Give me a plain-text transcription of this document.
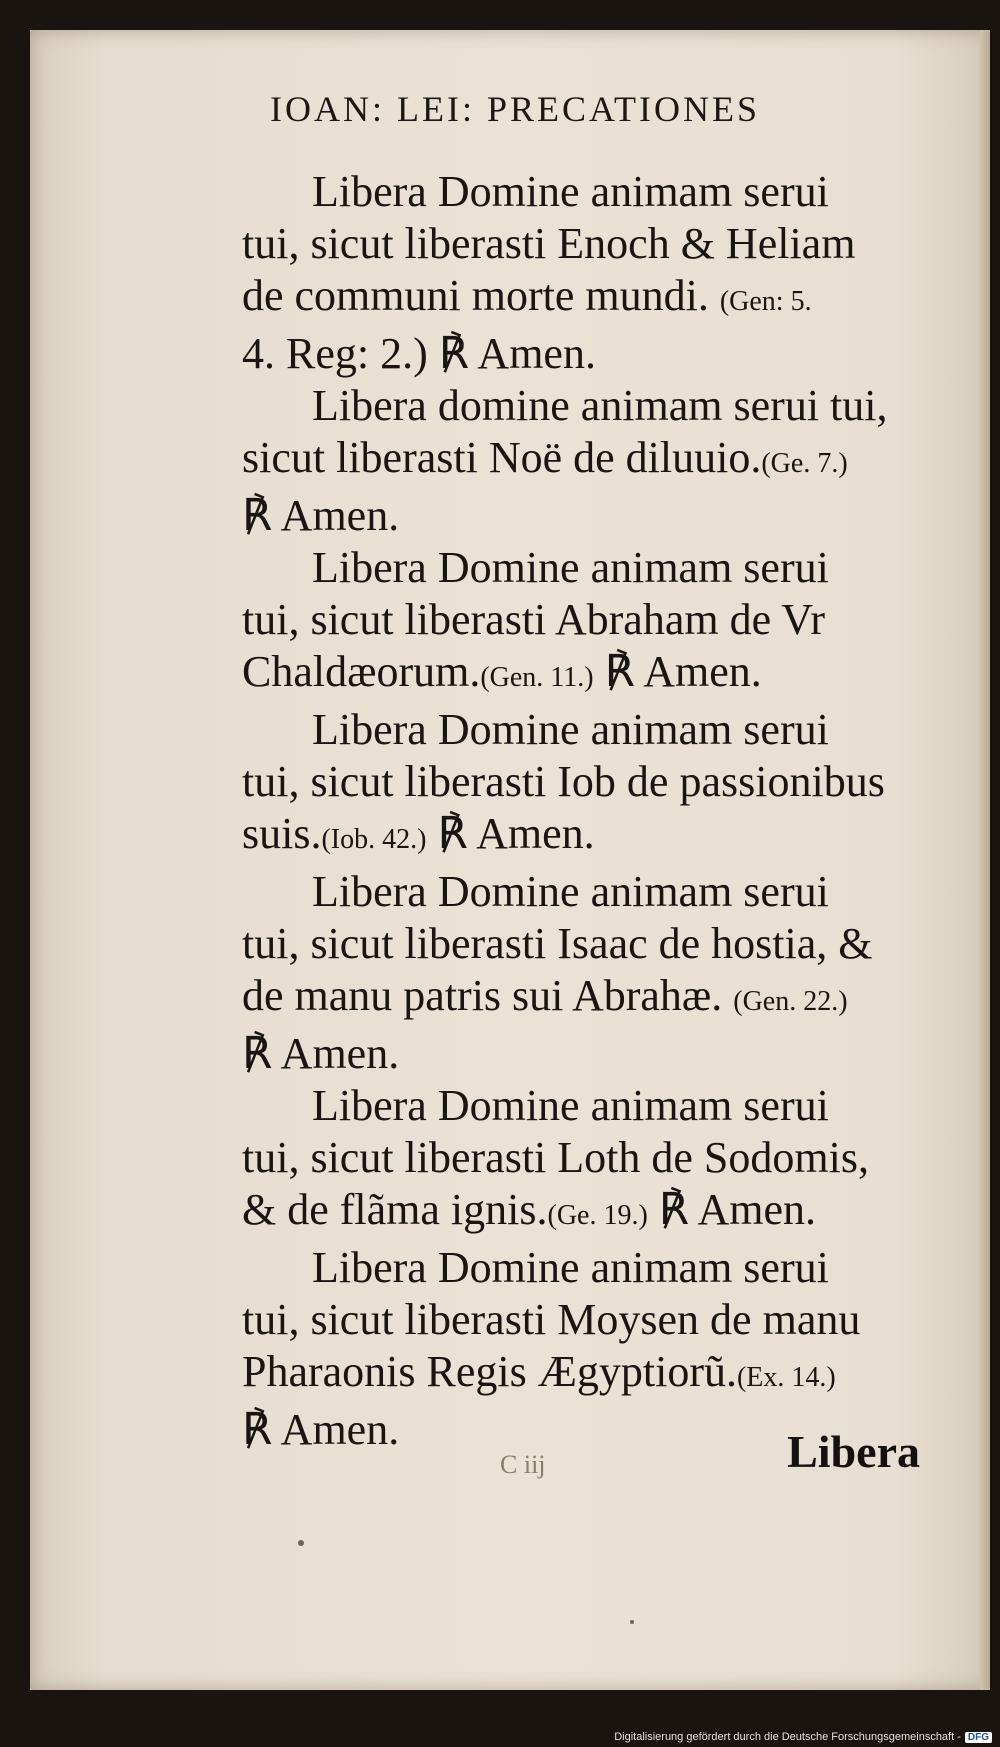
IOAN: LEI: PRECATIONES
Libera Domine animam serui
tui, sicut liberasti Enoch & Heliam
de communi morte mundi. (Gen: 5.
4. Reg: 2.) ℟ Amen.
Libera domine animam serui tui,
sicut liberasti Noë de diluuio.(Ge. 7.)
℟ Amen.
Libera Domine animam serui
tui, sicut liberasti Abraham de Vr
Chaldæorum.(Gen. 11.) ℟ Amen.
Libera Domine animam serui
tui, sicut liberasti Iob de passionibus
suis.(Iob. 42.) ℟ Amen.
Libera Domine animam serui
tui, sicut liberasti Isaac de hostia, &
de manu patris sui Abrahæ. (Gen. 22.)
℟ Amen.
Libera Domine animam serui
tui, sicut liberasti Loth de Sodomis,
& de flãma ignis.(Ge. 19.) ℟ Amen.
Libera Domine animam serui
tui, sicut liberasti Moysen de manu
Pharaonis Regis Ægyptiorũ.(Ex. 14.)
℟ Amen.	Libera
C iij
Digitalisierung gefördert durch die Deutsche Forschungsgemeinschaft - DFG
